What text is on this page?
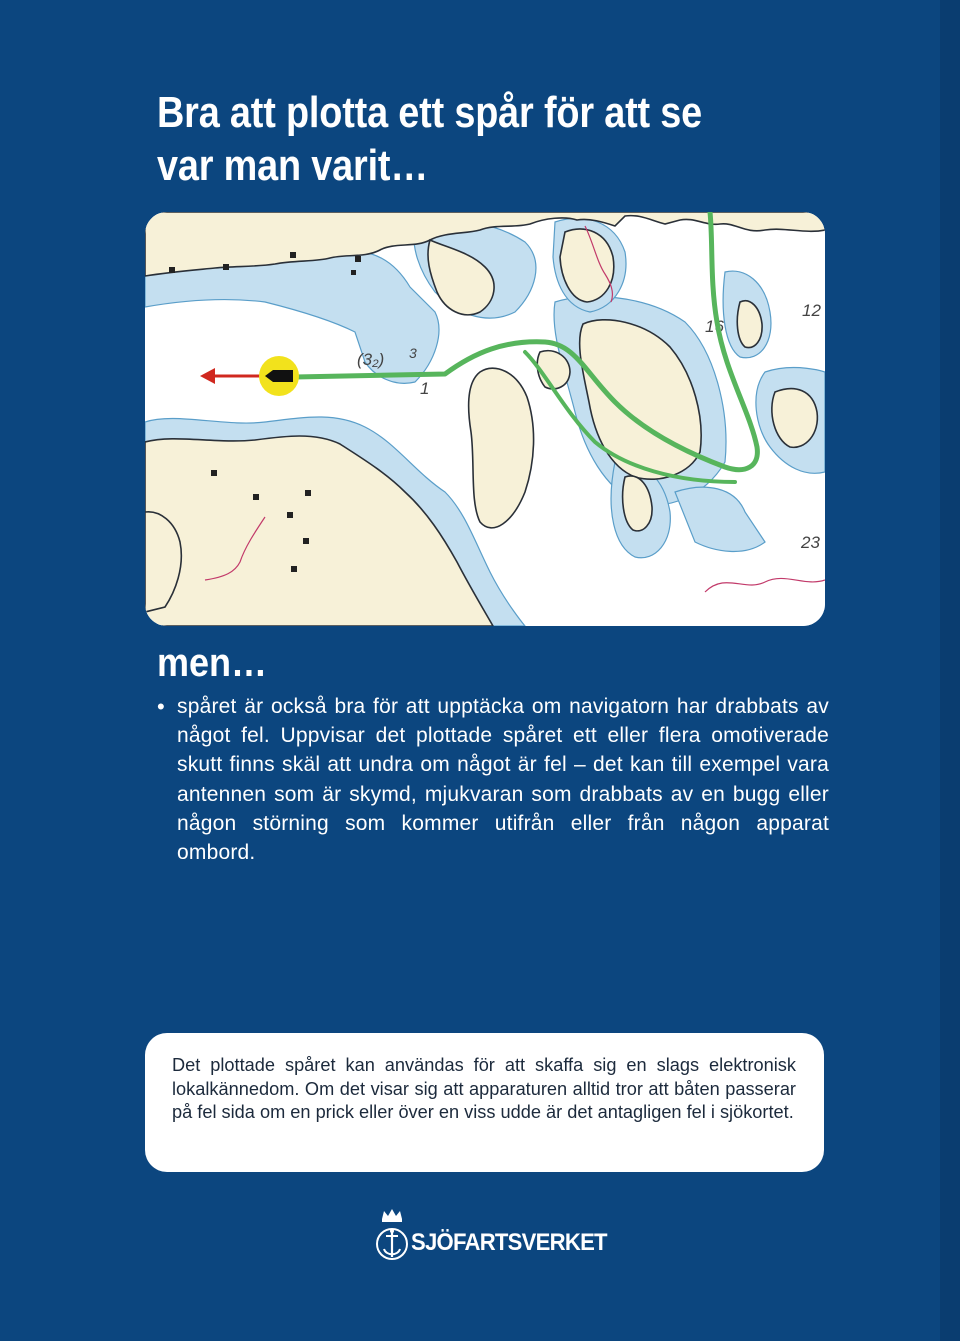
Bra att plotta ett spår för att se var man varit…
12
16
23
(3₂)
1
3
men…
• spåret är också bra för att upptäcka om navigatorn har drabbats av något fel. Uppvisar det plottade spåret ett eller flera omotiverade skutt finns skäl att undra om något är fel – det kan till exempel vara antennen som är skymd, mjukvaran som drabbats av en bugg eller någon störning som kommer utifrån eller från någon apparat ombord.
Det plottade spåret kan användas för att skaffa sig en slags elektronisk lokalkännedom. Om det visar sig att apparaturen alltid tror att båten passerar på fel sida om en prick eller över en viss udde är det antagligen fel i sjökortet.
SJÖFARTSVERKET
